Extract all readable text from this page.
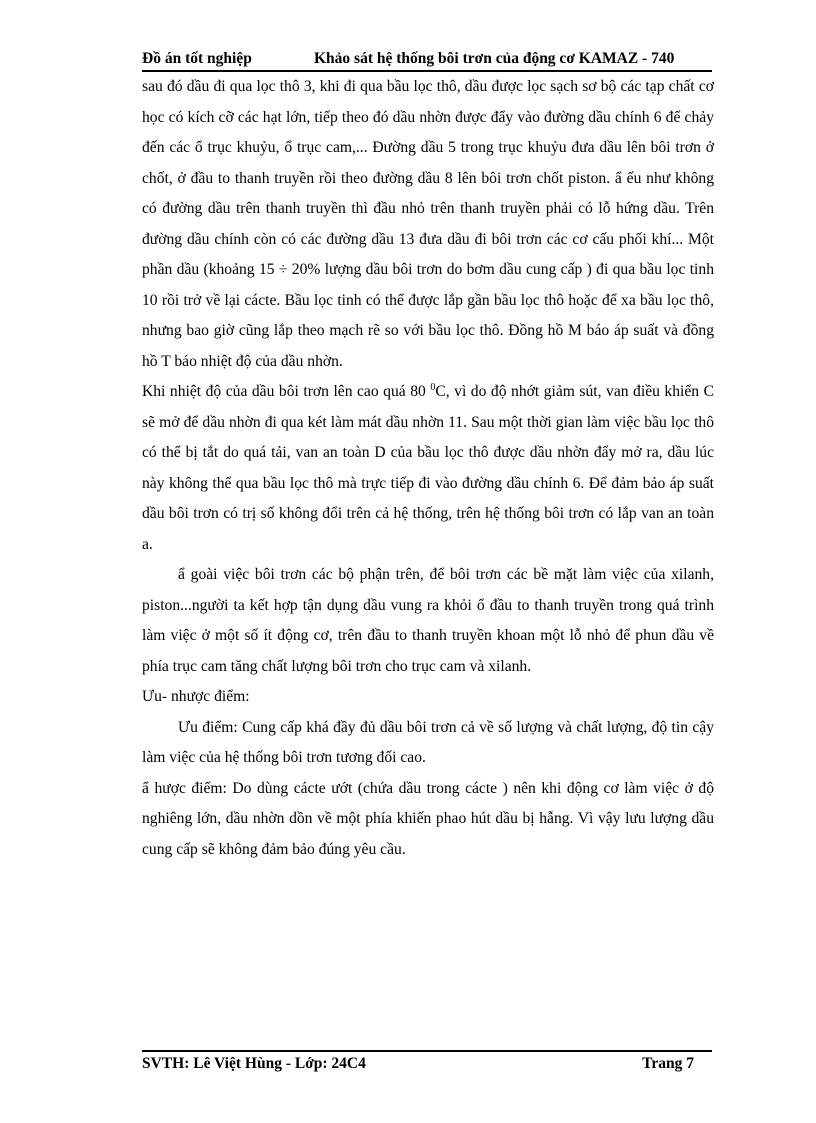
Đồ án tốt nghiệp	Khảo sát hệ thống bôi trơn của động cơ KAMAZ - 740

sau đó dầu đi qua lọc thô 3, khi đi qua bầu lọc thô, dầu được lọc sạch sơ bộ các tạp chất cơ học có kích cỡ các hạt lớn, tiếp theo đó dầu nhờn được đẩy vào đường dầu chính 6 để chảy đến các ổ trục khuỷu, ổ trục cam,... Đường dầu 5 trong trục khuỷu đưa dầu lên bôi trơn ở chốt, ở đầu to thanh truyền rồi theo đường dầu 8 lên bôi trơn chốt piston. ẩ ếu như không có đường dầu trên thanh truyền thì đầu nhỏ trên thanh truyền phải có lỗ hứng dầu. Trên đường dầu chính còn có các đường dầu 13 đưa dầu đi bôi trơn các cơ cấu phối khí... Một phần dầu (khoảng 15 ÷ 20% lượng dầu bôi trơn do bơm dầu cung cấp ) đi qua bầu lọc tinh 10 rồi trở về lại cácte. Bầu lọc tinh có thể được lắp gần bầu lọc thô hoặc để xa bầu lọc thô, nhưng bao giờ cũng lắp theo mạch rẽ so với bầu lọc thô. Đồng hồ M báo áp suất và đồng hồ T báo nhiệt độ của dầu nhờn.

Khi nhiệt độ của dầu bôi trơn lên cao quá 80 $^0$C, vì do độ nhớt giảm sút, van điều khiển C sẽ mở để dầu nhờn đi qua két làm mát dầu nhờn 11. Sau một thời gian làm việc bầu lọc thô có thể bị tắt do quá tải, van an toàn D của bầu lọc thô được dầu nhờn đẩy mở ra, dầu lúc này không thể qua bầu lọc thô mà trực tiếp đi vào đường dầu chính 6. Để đảm bảo áp suất dầu bôi trơn có trị số không đổi trên cả hệ thống, trên hệ thống bôi trơn có lắp van an toàn a.

ẩ goài việc bôi trơn các bộ phận trên, để bôi trơn các bề mặt làm việc của xilanh, piston...người ta kết hợp tận dụng dầu vung ra khỏi ổ đầu to thanh truyền trong quá trình làm việc ở một số ít động cơ, trên đầu to thanh truyền khoan một lỗ nhỏ để phun dầu về phía trục cam tăng chất lượng bôi trơn cho trục cam và xilanh.

Ưu- nhược điểm:

Ưu điểm: Cung cấp khá đầy đủ dầu bôi trơn cả về số lượng và chất lượng, độ tin cậy làm việc của hệ thống bôi trơn tương đối cao.

ẩ hược điểm: Do dùng cácte ướt (chứa dầu trong cácte ) nên khi động cơ làm việc ở độ nghiêng lớn, dầu nhờn dồn về một phía khiến phao hút dầu bị hẫng. Vì vậy lưu lượng dầu cung cấp sẽ không đảm bảo đúng yêu cầu.

SVTH: Lê Việt Hùng - Lớp: 24C4	Trang 7
